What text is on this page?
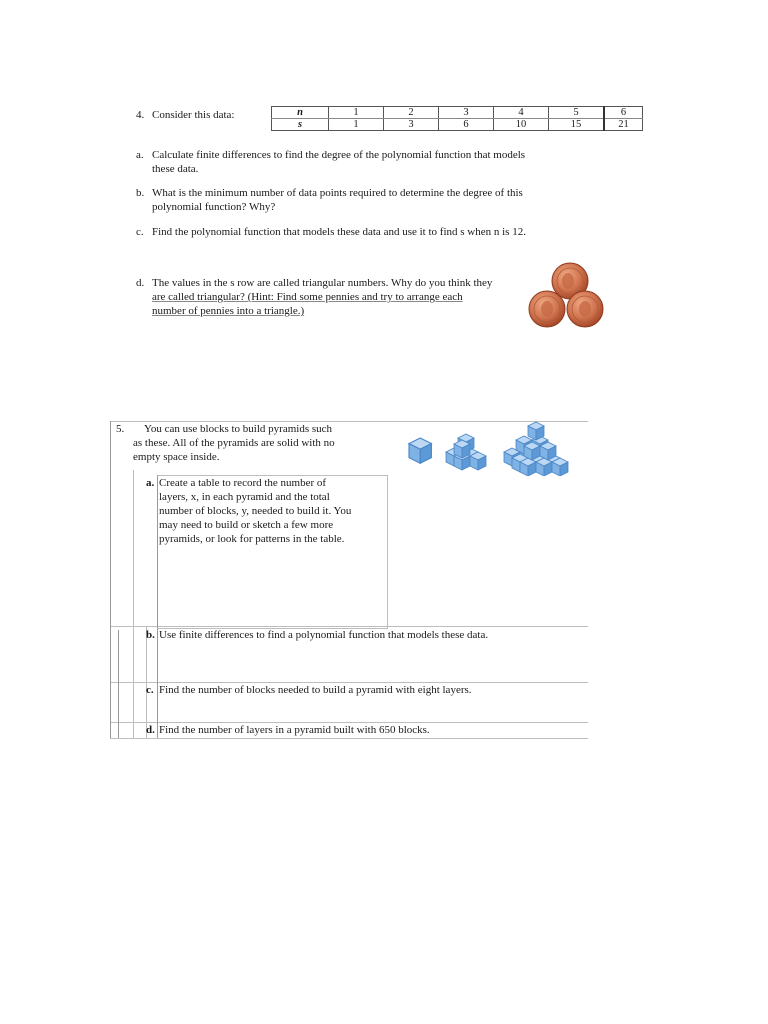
4. Consider this data:	n	1	2	3	4	5	6
s	1	3	6	10	15	21
a. Calculate finite differences to find the degree of the polynomial function that models
these data.
b. What is the minimum number of data points required to determine the degree of this
polynomial function? Why?
c. Find the polynomial function that models these data and use it to find s when n is 12.
d. The values in the s row are called triangular numbers. Why do you think they
are called triangular? (Hint: Find some pennies and try to arrange each
number of pennies into a triangle.)
5.	You can use blocks to build pyramids such
as these. All of the pyramids are solid with no
empty space inside.
a. Create a table to record the number of
layers, x, in each pyramid and the total
number of blocks, y, needed to build it. You
may need to build or sketch a few more
pyramids, or look for patterns in the table.
b. Use finite differences to find a polynomial function that models these data.
c. Find the number of blocks needed to build a pyramid with eight layers.
d. Find the number of layers in a pyramid built with 650 blocks.
